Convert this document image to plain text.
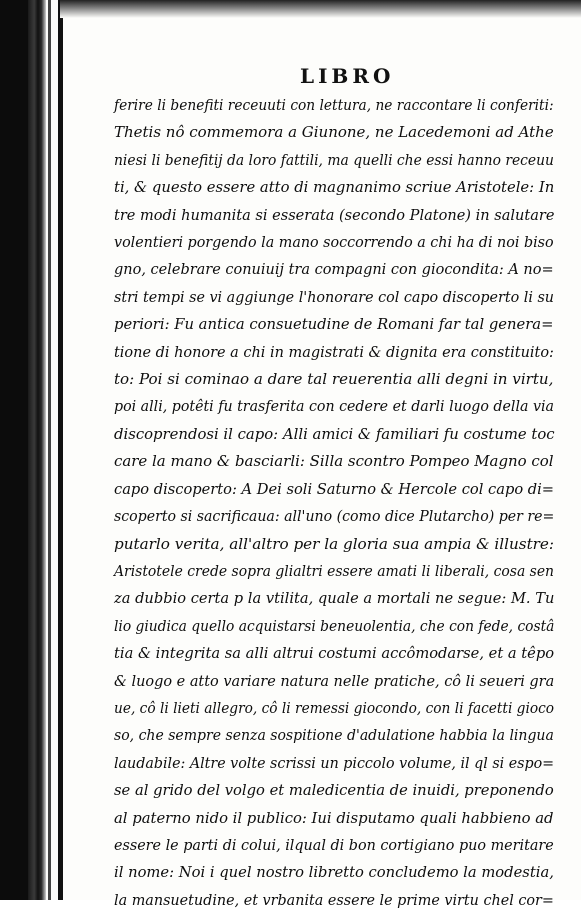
LIBRO
ferire li benefiti receuuti con lettura, ne raccontare li conferiti:
Thetis nô commemora a Giunone, ne Lacedemoni ad Athe
niesi li benefitij da loro fattili, ma quelli che essi hanno receuu
ti, & questo essere atto di magnanimo scriue Aristotele: In
tre modi humanita si esserata (secondo Platone) in salutare
volentieri porgendo la mano soccorrendo a chi ha di noi biso
gno, celebrare conuiuij tra compagni con giocondita: A no=
stri tempi se vi aggiunge l'honorare col capo discoperto li su
periori: Fu antica consuetudine de Romani far tal genera=
tione di honore a chi in magistrati & dignita era constituito:
to: Poi si cominao a dare tal reuerentia alli degni in virtu,
poi alli, potêti fu trasferita con cedere et darli luogo della via
discoprendosi il capo: Alli amici & familiari fu costume toc
care la mano & basciarli: Silla scontro Pompeo Magno col
capo discoperto: A Dei soli Saturno & Hercole col capo di=
scoperto si sacrificaua: all'uno (como dice Plutarcho) per re=
putarlo verita, all'altro per la gloria sua ampia & illustre:
Aristotele crede sopra glialtri essere amati li liberali, cosa sen
za dubbio certa p la vtilita, quale a mortali ne segue: M. Tu
lio giudica quello acquistarsi beneuolentia, che con fede, costâ
tia & integrita sa alli altrui costumi accômodarse, et a têpo
& luogo e atto variare natura nelle pratiche, cô li seueri gra
ue, cô li lieti allegro, cô li remessi giocondo, con li facetti gioco
so, che sempre senza sospitione d'adulatione habbia la lingua
laudabile: Altre volte scrissi un piccolo volume, il ql si espo=
se al grido del volgo et maledicentia de inuidi, preponendo
al paterno nido il publico: Iui disputamo quali habbieno ad
essere le parti di colui, ilqual di bon cortigiano puo meritare
il nome: Noi i quel nostro libretto concludemo la modestia,
la mansuetudine, et vrbanita essere le prime virtu chel cor=
